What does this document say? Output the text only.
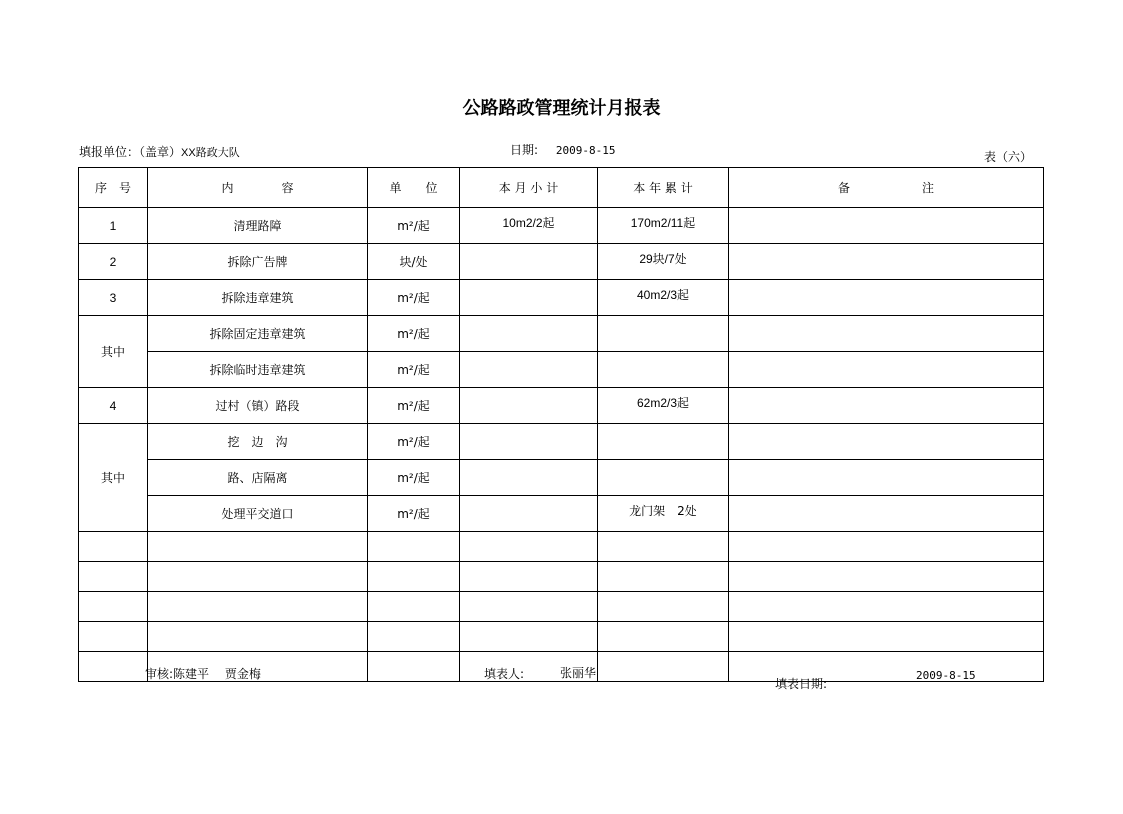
公路路政管理统计月报表
填报单位：（盖章）XX路政大队	日期: 2009-8-15	表（六）
序　号	内　　　　容	单　　位	本 月 小 计	本 年 累 计	备　　　　　　注
1	清理路障	m²/起	10m2/2起	170m2/11起	
2	拆除广告牌	块/处		29块/7处	
3	拆除违章建筑	m²/起		40m2/3起	
其中	拆除固定违章建筑	m²/起			
	拆除临时违章建筑	m²/起			
4	过村（镇）路段	m²/起		62m2/3起	
其中	挖　边　沟	m²/起			
	路、店隔离	m²/起			
	处理平交道口	m²/起		龙门架　2处	

审核:陈建平　 贾金梅	填表人:	张丽华
填表日期:
2009-8-15
